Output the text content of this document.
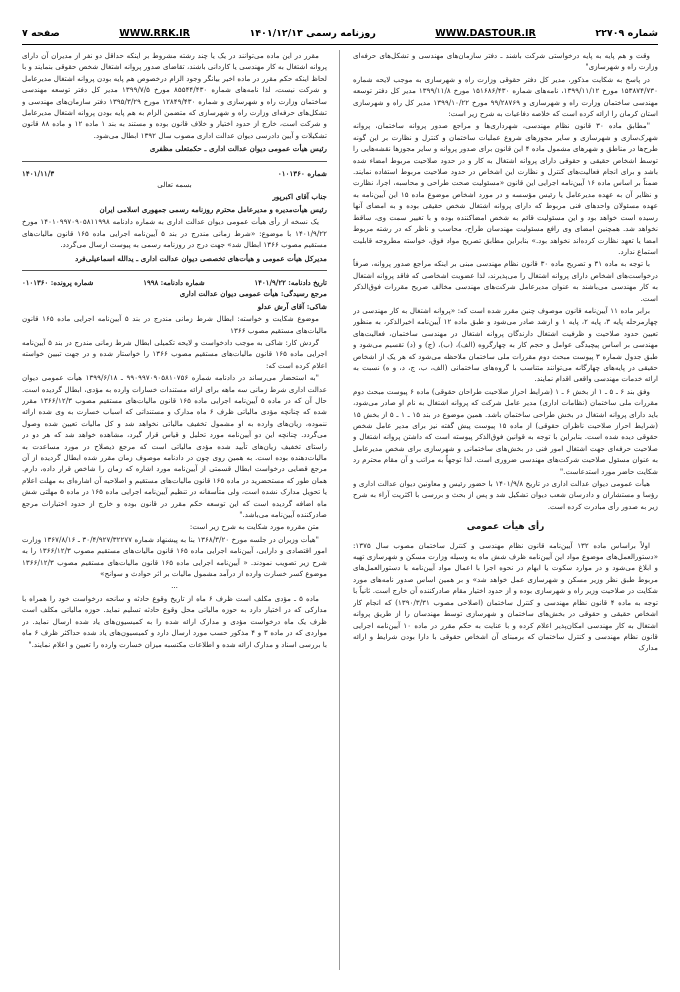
شماره ۲۲۷۰۹
WWW.DASTOUR.IR
روزنامه رسمی ۱۴۰۱/۱۲/۱۳
WWW.RRK.IR
صفحه ۷

وقت و هم پایه به پایه درخواستی شرکت باشند ـ دفتر سازمان‌های مهندسی و تشکل‌های حرفه‌ای وزارت راه و شهرسازی"

در پاسخ به شکایت مذکور، مدیر کل دفتر حقوقی وزارت راه و شهرسازی به موجب لایحه شماره ۱۵۳۸۷۴/۷۳۰ مورخ ۱۳۹۹/۱۱/۱۲، نامه‌های شماره ۱۵۱۶۸۶/۴۳۰ مورخ ۱۳۹۹/۱۱/۸ مدیر کل دفتر توسعه مهندسی ساختمان وزارت راه و شهرسازی و ۹۹/۲۸۷۶۹ مورخ ۱۳۹۹/۱۰/۲۲ مدیر کل راه و شهرسازی استان کرمان را ارائه کرده است که خلاصه دفاعیات به شرح زیر است:

"مطابق ماده ۳۰ قانون نظام مهندسی، شهرداری‌ها و مراجع صدور پروانه ساختمان، پروانه شهرک‌سازی و شهرسازی و سایر مجوزهای شروع عملیات ساختمان و کنترل و نظارت بر این گونه طرح‌ها در مناطق و شهرهای مشمول ماده ۴ این قانون برای صدور پروانه و سایر مجوزها نقشه‌هایی را توسط اشخاص حقیقی و حقوقی دارای پروانه اشتغال به کار و در حدود صلاحیت مربوط امضاء شده باشد و برای انجام فعالیت‌های کنترل و نظارت این اشخاص در حدود صلاحیت مربوط استفاده نمایند. ضمناً بر اساس ماده ۱۶ آیین‌نامه اجرایی این قانون «مسئولیت صحت طراحی و محاسبه، اجرا، نظارت و نظایر آن به عهده مدیرعامل یا رئیس مؤسسه و در مورد اشخاص موضوع ماده ۱۵ این آیین‌نامه به عهده مسئولان واحدهای فنی مربوط که دارای پروانه اشتغال شخص حقیقی بوده و به امضای آنها رسیده است خواهد بود و این مسئولیت قائم به شخص امضاکننده بوده و با تغییر سمت وی، ساقط نخواهد شد. همچنین امضای وی رافع مسئولیت مهندسان طراح، محاسب و ناظر که در رشته مربوط امضا یا تعهد نظارت کرده‌اند نخواهد بود.» بنابراین مطابق تصریح مواد فوق، خواسته مطروحه قابلیت استماع ندارد.

با توجه به ماده ۳۱ و تصریح ماده ۳۰ قانون نظام مهندسی مبنی بر اینکه مراجع صدور پروانه، صرفاً درخواست‌های اشخاص دارای پروانه اشتغال را می‌پذیرند، لذا عضویت اشخاصی که فاقد پروانه اشتغال به کار مهندسی می‌باشند به عنوان مدیرعامل شرکت‌های مهندسی مخالف صریح مقررات فوق‌الذکر است.

برابر ماده ۱۱ آیین‌نامه قانون موصوف چنین مقرر شده است که: «پروانه اشتغال به کار مهندسی در چهارمرحله پایه ۳، پایه ۲، پایه ۱ و ارشد صادر می‌شود و طبق ماده ۱۲ آیین‌نامه اخیرالذکر، به منظور تعیین حدود صلاحیت و ظرفیت اشتغال دارندگان پروانه اشتغال در مهندسی ساختمان، فعالیت‌های مهندسی بر اساس پیچیدگی عوامل و حجم کار به چهارگروه (الف)، (ب)، (ج) و (د) تقسیم می‌شود و طبق جدول شماره ۳ پیوست مبحث دوم مقررات ملی ساختمان ملاحظه می‌شود که هر یک از اشخاص حقیقی در پایه‌های چهارگانه می‌توانند متناسب با گروه‌های ساختمانی (الف، ب، ج، د، و ه) نسبت به ارائه خدمات مهندسی واقعی اقدام نمایند.

وفق بند ۶ ـ ۵ ـ ۱ از بخش ۶ ـ ۱ (شرایط احراز صلاحیت طراحان حقوقی) ماده ۶ پیوست مبحث دوم مقررات ملی ساختمان (نظامات اداری) مدیر عامل شرکت که پروانه اشتغال به نام او صادر می‌شود، باید دارای پروانه اشتغال در بخش طراحی ساختمان باشد. همین موضوع در بند ۱۵ ـ ۱ ـ ۵ از بخش ۱۵ (شرایط احراز صلاحیت ناظران حقوقی) از ماده ۱۵ پیوست پیش گفته نیز برای مدیر عامل شخص حقوقی دیده شده است. بنابراین با توجه به قوانین فوق‌الذکر پیوسته است که داشتن پروانه اشتغال و صلاحیت حرفه‌ای جهت اشتغال امور فنی در بخش‌های ساختمانی و شهرسازی برای شخص مدیرعامل به عنوان مسئول صلاحیت شرکت‌های مهندسی ضروری است. لذا توجهاً به مراتب و آن مقام محترم رد شکایت حاضر مورد استدعاست."

هیأت عمومی دیوان عدالت اداری در تاریخ ۱۴۰۱/۹/۸ با حضور رئیس و معاونین دیوان عدالت اداری و رؤسا و مستشاران و دادرسان شعب دیوان تشکیل شد و پس از بحث و بررسی با اکثریت آراء به شرح زیر به صدور رأی مبادرت کرده است.

رأی هیأت عمومی

اولاً براساس ماده ۱۳۲ آیین‌نامه قانون نظام مهندسی و کنترل ساختمان مصوب سال ۱۳۷۵: «دستورالعمل‌های موضوع مواد این آیین‌نامه ظرف شش ماه به وسیله وزارت مسکن و شهرسازی تهیه و ابلاغ می‌شود و در موارد سکوت یا ابهام در نحوه اجرا با اعمال مواد آیین‌نامه با دستورالعمل‌های مربوط طبق نظر وزیر مسکن و شهرسازی عمل خواهد شد» و بر همین اساس صدور نامه‌های مورد شکایت در صلاحیت وزیر راه و شهرسازی بوده و از حدود اختیار مقام صادرکننده آن خارج است. ثانیاً با توجه به ماده ۴ قانون نظام مهندسی و کنترل ساختمان (اصلاحی مصوب ۱۳۹۰/۳/۳۱) که انجام کار اشخاص حقیقی و حقوقی در بخش‌های ساختمان و شهرسازی توسط مهندسان را از طریق پروانه اشتغال به کار مهندسی امکان‌پذیر اعلام کرده و با عنایت به حکم مقرر در ماده ۱۰ آیین‌نامه اجرایی قانون نظام مهندسی و کنترل ساختمان که برمبنای آن اشخاص حقوقی با دارا بودن شرایط و ارائه مدارک

مقرر در این ماده می‌توانند در یک یا چند رشته مشروط بر اینکه حداقل دو نفر از مدیران آن دارای پروانه اشتغال به کار مهندسی یا کاردانی باشند، تقاضای صدور پروانه اشتغال شخص حقوقی بنمایند و با لحاظ اینکه حکم مقرر در ماده اخیر بیانگر وجود الزام درخصوص هم پایه بودن پروانه اشتغال مدیرعامل و شرکت نیست، لذا نامه‌های شماره ۸۵۵۴۴/۴۳۰ مورخ ۱۳۹۹/۷/۵ مدیر کل دفتر توسعه مهندسی ساختمان وزارت راه و شهرسازی و شماره ۱۲۸۴۹/۴۳۰ مورخ ۱۳۹۵/۳/۲۹ دفتر سازمان‌های مهندسی و تشکل‌های حرفه‌ای وزارت راه و شهرسازی که متضمن الزام به هم پایه بودن پروانه اشتغال مدیرعامل و شرکت است، خارج از حدود اختیار و خلاف قانون بوده و مستند به بند ۱ ماده ۱۲ و ماده ۸۸ قانون تشکیلات و آیین دادرسی دیوان عدالت اداری مصوب سال ۱۳۹۲ ابطال می‌شود.

رئیس هیأت عمومی دیوان عدالت اداری ـ حکمتعلی مظفری

شماره ۰۱۰۱۳۶۰
۱۴۰۱/۱۱/۳

بسمه تعالی

جناب آقای اکبرپور

رئیس هیأت‌مدیره و مدیرعامل محترم روزنامه رسمی جمهوری اسلامی ایران

یک نسخه از رأی هیأت عمومی دیوان عدالت اداری به شماره دادنامه ۱۴۰۱۰۹۹۷۰۹۰۵۸۱۱۹۹۸ مورخ ۱۴۰۱/۹/۲۲ با موضوع: «شرط زمانی مندرج در بند ۵ آیین‌نامه اجرایی ماده ۱۶۵ قانون مالیات‌های مستقیم مصوب ۱۳۶۶ ابطال شد» جهت درج در روزنامه رسمی به پیوست ارسال می‌گردد.

مدیرکل هیأت عمومی و هیأت‌های تخصصی دیوان عدالت اداری ـ یدالله اسماعیلی‌فرد

تاریخ دادنامه: ۱۴۰۱/۹/۲۲
شماره دادنامه: ۱۹۹۸
شماره پرونده: ۰۱۰۱۳۶۰

مرجع رسیدگی: هیأت عمومی دیوان عدالت اداری

شاکی: آقای آرش عدلو

موضوع شکایت و خواسته: ابطال شرط زمانی مندرج در بند ۵ آیین‌نامه اجرایی ماده ۱۶۵ قانون مالیات‌های مستقیم مصوب ۱۳۶۶

گردش کار: شاکی به موجب دادخواست و لایحه تکمیلی ابطال شرط زمانی مندرج در بند ۵ آیین‌نامه اجرایی ماده ۱۶۵ قانون مالیات‌های مستقیم مصوب ۱۳۶۶ را خواستار شده و در جهت تبیین خواسته اعلام کرده است که:

"به استحضار می‌رساند در دادنامه شماره ۹۹۰۹۹۷۰۹۰۵۸۱۰۷۵۶ ـ ۱۳۹۹/۶/۱۸ هیأت عمومی دیوان عدالت اداری شرط زمانی سه ماهه برای ارائه مستندات خسارات وارده به مؤدی، ابطال گردیده است. حال آن که در ماده ۵ آیین‌نامه اجرایی ماده ۱۶۵ قانون مالیات‌های مستقیم مصوب ۱۳۶۶/۱۲/۳ مقرر شده که چنانچه مؤدی مالیاتی ظرف ۶ ماه مدارک و مستنداتی که اسباب خسارت به وی شده ارائه ننموده، زیان‌های وارده به او مشمول تخفیف مالیاتی نخواهد شد و کل مالیات تعیین شده وصول می‌گردد. چنانچه این دو آیین‌نامه مورد تحلیل و قیاس قرار گیرد، مشاهده خواهد شد که هر دو در راستای تخفیف زیان‌های تأیید شده مؤدی مالیاتی است که مرجع ذیصلاح در مورد مساعدت به مالیات‌دهنده بوده است. به همین روی چون در دادنامه موصوف زمان مقرر شده ابطال گردیده از آن مرجع قضایی درخواست ابطال قسمتی از آیین‌نامه مورد اشاره که زمان را شاخص قرار داده، دارم. همان طور که مستحضرید در ماده ۱۶۵ قانون مالیات‌های مستقیم و اصلاحیه آن اشاره‌ای به مهلت اعلام یا تحویل مدارک نشده است، ولی متأسفانه در تنظیم آیین‌نامه اجرایی ماده ۱۶۵ در ماده ۵ مهلتی شش ماه اضافه گردیده است که این توسعه حکم مقرر در قانون بوده و خارج از حدود اختیارات مرجع صادرکننده آیین‌نامه می‌باشد."

متن مقرره مورد شکایت به شرح زیر است:

"هیأت وزیران در جلسه مورخ ۱۳۶۸/۳/۲۰ بنا به پیشنهاد شماره ۳۰/۴/۹۲۷/۳۲۲۷۷ ـ ۱۳۶۷/۸/۱۶ وزارت امور اقتصادی و دارایی، آیین‌نامه اجرایی ماده ۱۶۵ قانون مالیات‌های مستقیم مصوب ۱۳۶۶/۱۲/۳ را به شرح زیر تصویب نمودند. « آیین‌نامه اجرایی ماده ۱۶۵ قانون مالیات‌های مستقیم مصوب ۱۳۶۶/۱۲/۳ موضوع کسر خسارت وارده از درآمد مشمول مالیات بر اثر حوادث و سوانح»

...

ماده ۵ ـ مؤدی مکلف است ظرف ۶ ماه از تاریخ وقوع حادثه و سانحه درخواست خود را همراه با مدارکی که در اختیار دارد به حوزه مالیاتی محل وقوع حادثه تسلیم نماید. حوزه مالیاتی مکلف است ظرف یک ماه درخواست مؤدی و مدارک ارائه شده را به کمیسیون‌های یاد شده ارسال نماید. در مواردی که در ماده ۳ و ۴ مذکور حسب مورد ارسال دارد و کمیسیون‌های یاد شده حداکثر ظرف ۶ ماه با بررسی اسناد و مدارک ارائه شده و اطلاعات مکتسبه میزان خسارت وارده را تعیین و اعلام نمایند."
